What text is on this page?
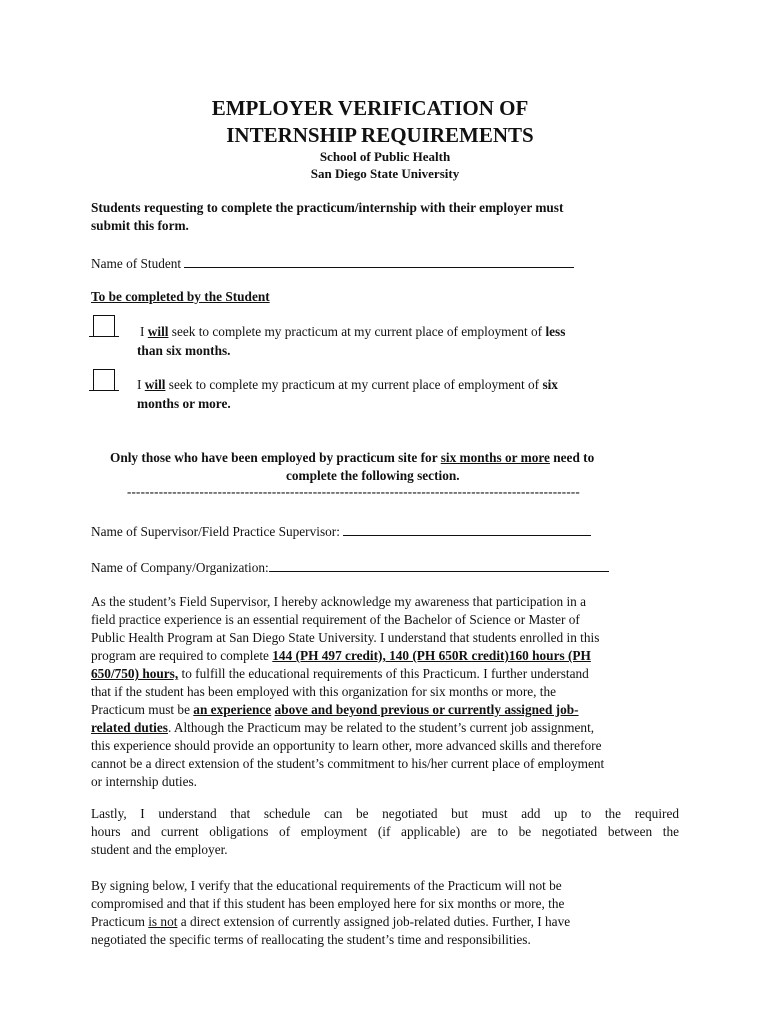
EMPLOYER VERIFICATION OF
INTERNSHIP REQUIREMENTS
School of Public Health
San Diego State University
Students requesting to complete the practicum/internship with their employer must
submit this form.
Name of Student
To be completed by the Student
I will seek to complete my practicum at my current place of employment of less
than six months.
I will seek to complete my practicum at my current place of employment of six
months or more.
Only those who have been employed by practicum site for six months or more need to
complete the following section.
----------------------------------------------------------------------------------------------------
Name of Supervisor/Field Practice Supervisor:
Name of Company/Organization:
As the student’s Field Supervisor, I hereby acknowledge my awareness that participation in a
field practice experience is an essential requirement of the Bachelor of Science or Master of
Public Health Program at San Diego State University. I understand that students enrolled in this
program are required to complete 144 (PH 497 credit), 140 (PH 650R credit)160 hours (PH
650/750) hours, to fulfill the educational requirements of this Practicum. I further understand
that if the student has been employed with this organization for six months or more, the
Practicum must be an experience above and beyond previous or currently assigned job-
related duties. Although the Practicum may be related to the student’s current job assignment,
this experience should provide an opportunity to learn other, more advanced skills and therefore
cannot be a direct extension of the student’s commitment to his/her current place of employment
or internship duties.
Lastly, I understand that schedule can be negotiated but must add up to the required
hours and current obligations of employment (if applicable) are to be negotiated between the
student and the employer.
By signing below, I verify that the educational requirements of the Practicum will not be
compromised and that if this student has been employed here for six months or more, the
Practicum is not a direct extension of currently assigned job-related duties. Further, I have
negotiated the specific terms of reallocating the student’s time and responsibilities.
